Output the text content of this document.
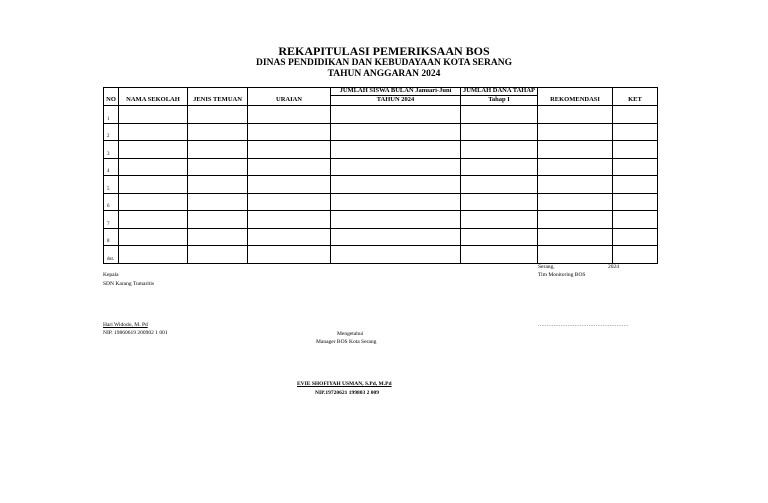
REKAPITULASI PEMERIKSAAN BOS
DINAS PENDIDIKAN DAN KEBUDAYAAN KOTA SERANG
TAHUN ANGGARAN 2024
NO	NAMA SEKOLAH	JENIS TEMUAN	URAIAN	JUMLAH SISWA BULAN Januari-Juni	JUMLAH DANA TAHAP	REKOMENDASI	KET
				TAHUN 2024	Tahap I		
1							
2							
3							
4							
5							
6							
7							
8							
dst.							
Kepala
SDN Karang Tumaritis
Hari Widodo, M. Pd
NIP. 19860619 200902 1 001
Serang,	2024
Tim Monitoring BOS
....................................................
Mengetahui
Manager BOS Kota Serang
EVIE SHOFIYAH USMAN, S.Pd, M.Pd
NIP.19720621 199803 2 009
